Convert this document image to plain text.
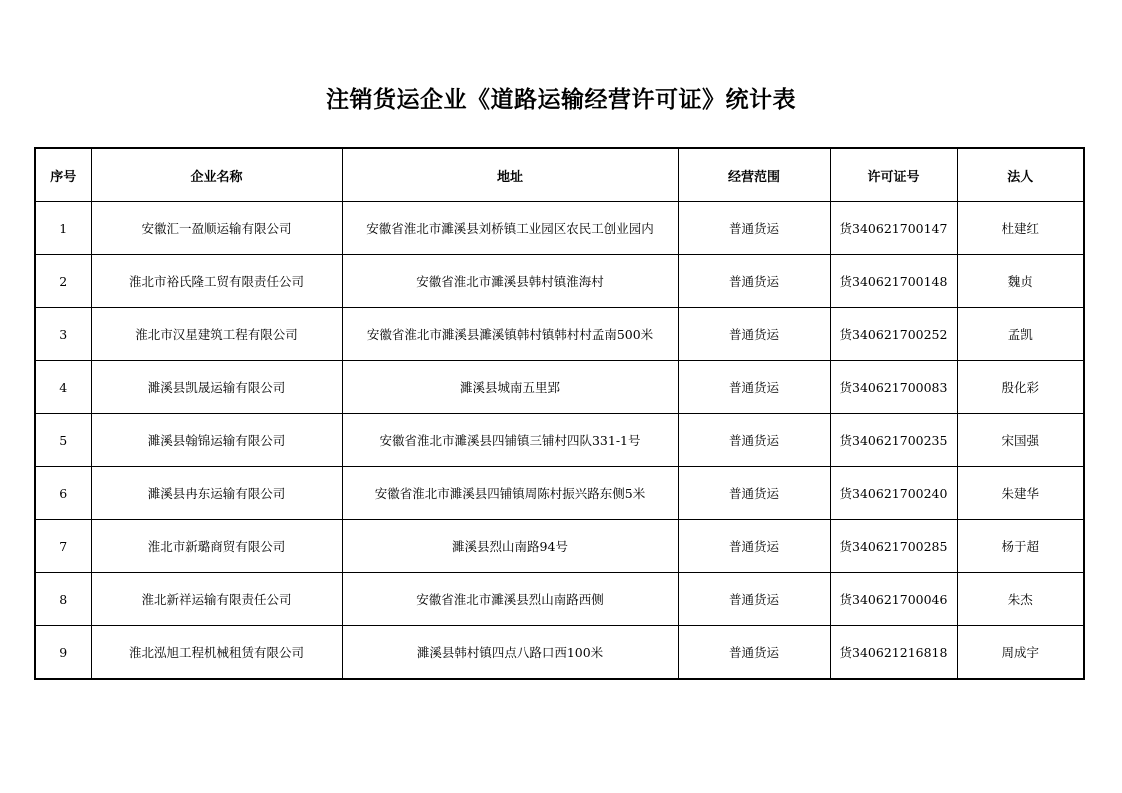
注销货运企业《道路运输经营许可证》统计表
序号	企业名称	地址	经营范围	许可证号	法人
1	安徽汇一盈顺运输有限公司	安徽省淮北市濉溪县刘桥镇工业园区农民工创业园内	普通货运	货340621700147	杜建红
2	淮北市裕氏隆工贸有限责任公司	安徽省淮北市濉溪县韩村镇淮海村	普通货运	货340621700148	魏贞
3	淮北市汉星建筑工程有限公司	安徽省淮北市濉溪县濉溪镇韩村镇韩村村孟南500米	普通货运	货340621700252	孟凯
4	濉溪县凯晟运输有限公司	濉溪县城南五里郢	普通货运	货340621700083	殷化彩
5	濉溪县翰锦运输有限公司	安徽省淮北市濉溪县四铺镇三铺村四队331-1号	普通货运	货340621700235	宋国强
6	濉溪县冉东运输有限公司	安徽省淮北市濉溪县四铺镇周陈村振兴路东侧5米	普通货运	货340621700240	朱建华
7	淮北市新璐商贸有限公司	濉溪县烈山南路94号	普通货运	货340621700285	杨于超
8	淮北新祥运输有限责任公司	安徽省淮北市濉溪县烈山南路西侧	普通货运	货340621700046	朱杰
9	淮北泓旭工程机械租赁有限公司	濉溪县韩村镇四点八路口西100米	普通货运	货340621216818	周成宇
